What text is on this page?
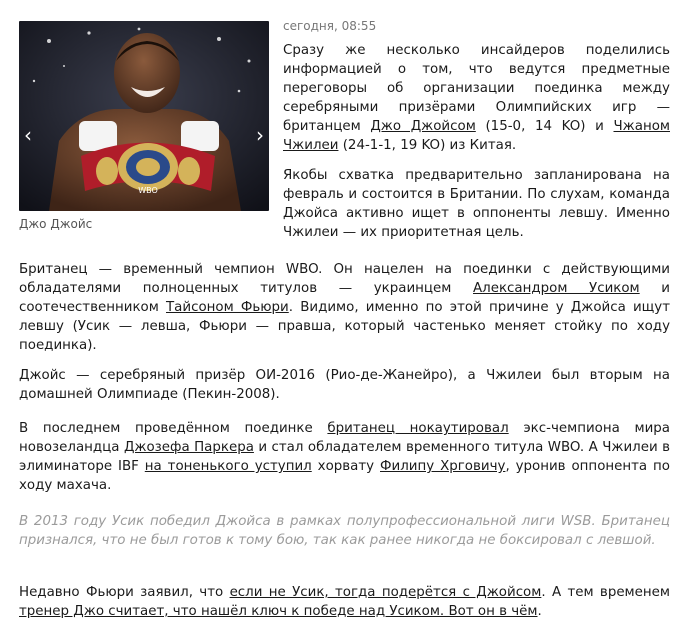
WBO
‹	›
Джо Джойс
сегодня, 08:55

Сразу же несколько инсайдеров поделились информацией о том, что ведутся предметные переговоры об организации поединка между серебряными призёрами Олимпийских игр — британцем Джо Джойсом (15-0, 14 KO) и Чжаном Чжилеи (24-1-1, 19 KO) из Китая.

Якобы схватка предварительно запланирована на февраль и состоится в Британии. По слухам, команда Джойса активно ищет в оппоненты левшу. Именно Чжилеи — их приоритетная цель.

Британец — временный чемпион WBO. Он нацелен на поединки с действующими обладателями полноценных титулов — украинцем Александром Усиком и соотечественником Тайсоном Фьюри. Видимо, именно по этой причине у Джойса ищут левшу (Усик — левша, Фьюри — правша, который частенько меняет стойку по ходу поединка).

Джойс — серебряный призёр ОИ-2016 (Рио-де-Жанейро), а Чжилеи был вторым на домашней Олимпиаде (Пекин-2008).

В последнем проведённом поединке британец нокаутировал экс-чемпиона мира новозеландца Джозефа Паркера и стал обладателем временного титула WBO. А Чжилеи в элиминаторе IBF на тоненького уступил хорвату Филипу Хрговичу, уронив оппонента по ходу махача.

В 2013 году Усик победил Джойса в рамках полупрофессиональной лиги WSB. Британец признался, что не был готов к тому бою, так как ранее никогда не боксировал с левшой.

Недавно Фьюри заявил, что если не Усик, тогда подерётся с Джойсом. А тем временем тренер Джо считает, что нашёл ключ к победе над Усиком. Вот он в чём.
